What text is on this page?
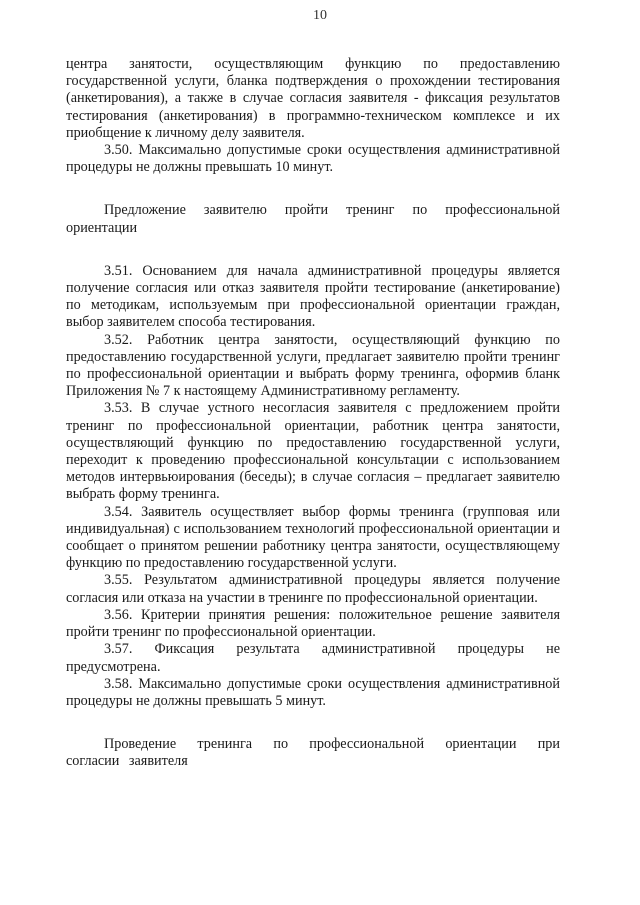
10

центра занятости, осуществляющим функцию по предоставлению государственной услуги, бланка подтверждения о прохождении тестирования (анкетирования), а также в случае согласия заявителя - фиксация результатов тестирования (анкетирования) в программно-техническом комплексе и их приобщение к личному делу заявителя.

3.50. Максимально допустимые сроки осуществления административной процедуры не должны превышать 10 минут.

Предложение заявителю пройти тренинг по профессиональной ориентации

3.51. Основанием для начала административной процедуры является получение согласия или отказ заявителя пройти тестирование (анкетирование) по методикам, используемым при профессиональной ориентации граждан, выбор заявителем способа тестирования.

3.52. Работник центра занятости, осуществляющий функцию по предоставлению государственной услуги, предлагает заявителю пройти тренинг по профессиональной ориентации и выбрать форму тренинга, оформив бланк Приложения № 7 к настоящему Административному регламенту.

3.53. В случае устного несогласия заявителя с предложением пройти тренинг по профессиональной ориентации, работник центра занятости, осуществляющий функцию по предоставлению государственной услуги, переходит к проведению профессиональной консультации с использованием методов интервьюирования (беседы); в случае согласия – предлагает заявителю выбрать форму тренинга.

3.54. Заявитель осуществляет выбор формы тренинга (групповая или индивидуальная) с использованием технологий профессиональной ориентации и сообщает о принятом решении работнику центра занятости, осуществляющему функцию по предоставлению государственной услуги.

3.55. Результатом административной процедуры является получение согласия или отказа на участии в тренинге по профессиональной ориентации.

3.56. Критерии принятия решения: положительное решение заявителя пройти тренинг по профессиональной ориентации.

3.57. Фиксация результата административной процедуры не предусмотрена.

3.58. Максимально допустимые сроки осуществления административной процедуры не должны превышать 5 минут.

Проведение тренинга по профессиональной ориентации при согласии заявителя
